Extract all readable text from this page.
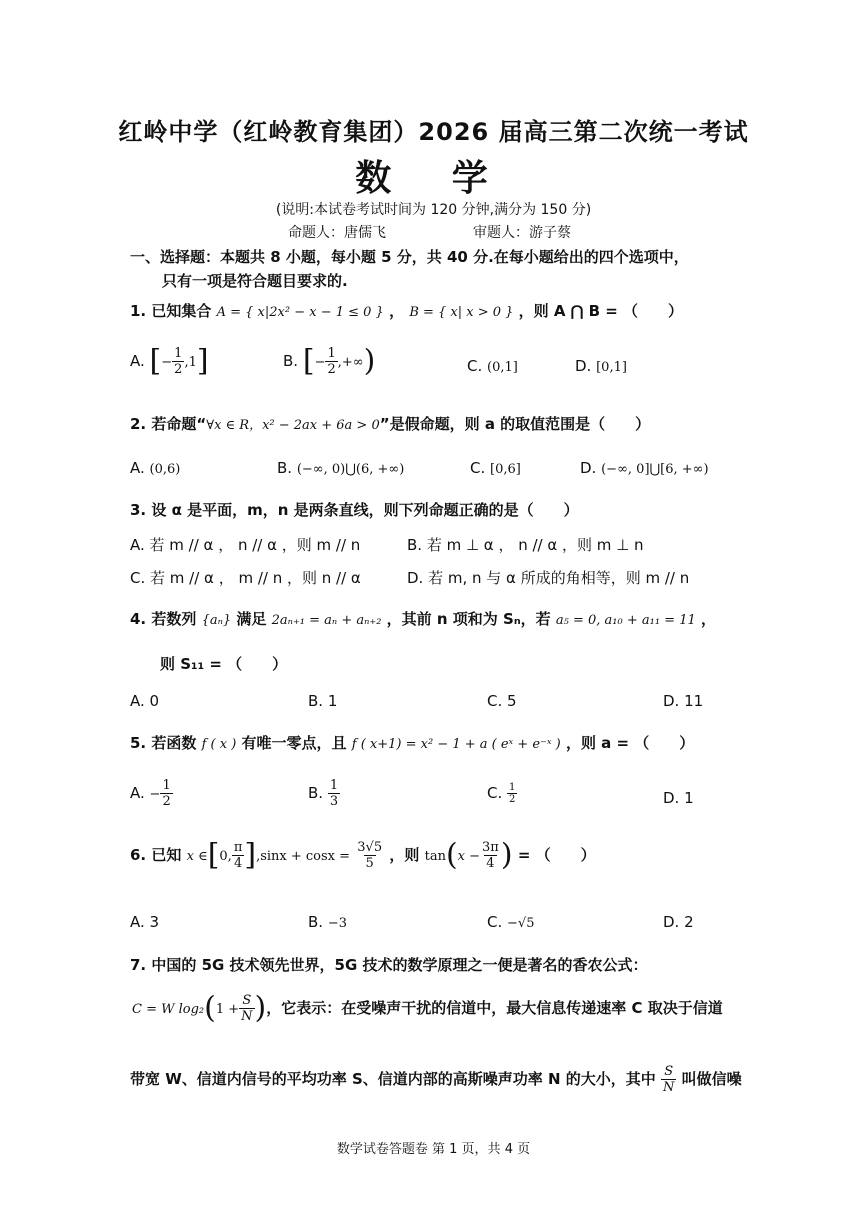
红岭中学（红岭教育集团）2026 届高三第二次统一考试
数 学
(说明:本试卷考试时间为 120 分钟,满分为 150 分)
命题人：唐儒飞	审题人：游子蔡
一、选择题：本题共 8 小题，每小题 5 分，共 40 分.在每小题给出的四个选项中，
只有一项是符合题目要求的.
1. 已知集合 A = { x|2x² − x − 1 ≤ 0 } ， B = { x| x > 0 } ，则 A ⋂ B = （　　）
A. [− $\frac{1}{2} ,1$]	B. [− $\frac{1}{2}$ ,+∞)	C. (0,1]	D. [0,1]
2. 若命题“∀x ∈ R，x² − 2ax + 6a > 0”是假命题，则 a 的取值范围是（　　）
A. (0,6)	B. (−∞, 0)⋃(6, +∞)	C. [0,6]	D. (−∞, 0]⋃[6, +∞)
3. 设 α 是平面，m，n 是两条直线，则下列命题正确的是（　　）
A. 若 m // α ， n // α ，则 m // n	B. 若 m ⊥ α ， n // α ，则 m ⊥ n
C. 若 m // α ， m // n ，则 n // α	D. 若 m, n 与 α 所成的角相等，则 m // n
4. 若数列 {aₙ} 满足 2aₙ₊₁ = aₙ + aₙ₊₂ ，其前 n 项和为 Sₙ，若 a₅ = 0, a₁₀ + a₁₁ = 11 ，
则 S₁₁ = （　　）
A. 0	B. 1	C. 5	D. 11
5. 若函数 f ( x ) 有唯一零点，且 f ( x+1) = x² − 1 + a ( eˣ + e⁻ˣ ) ，则 a = （　　）
A. − $\frac{1}{2}$	B. $\frac{1}{3}$	C. $\frac{1}{2}$	D. 1
6. 已知 x ∈[0, $\frac{\pi}{4} ],\sin x + \cos x = \frac{3√5}{5}$ ，则 $\tan(x - \frac{3\pi}{4}$ ) = （　　）
A. 3	B. −3	C. −√5	D. 2
7. 中国的 5G 技术领先世界，5G 技术的数学原理之一便是著名的香农公式：
C = W $\log_2(1 + \frac{S}{N}$ )，它表示：在受噪声干扰的信道中，最大信息传递速率 C 取决于信道
带宽 W、信道内信号的平均功率 S、信道内部的高斯噪声功率 N 的大小，其中 $\frac{S}{N}$ 叫做信噪
数学试卷答题卷 第 1 页，共 4 页
